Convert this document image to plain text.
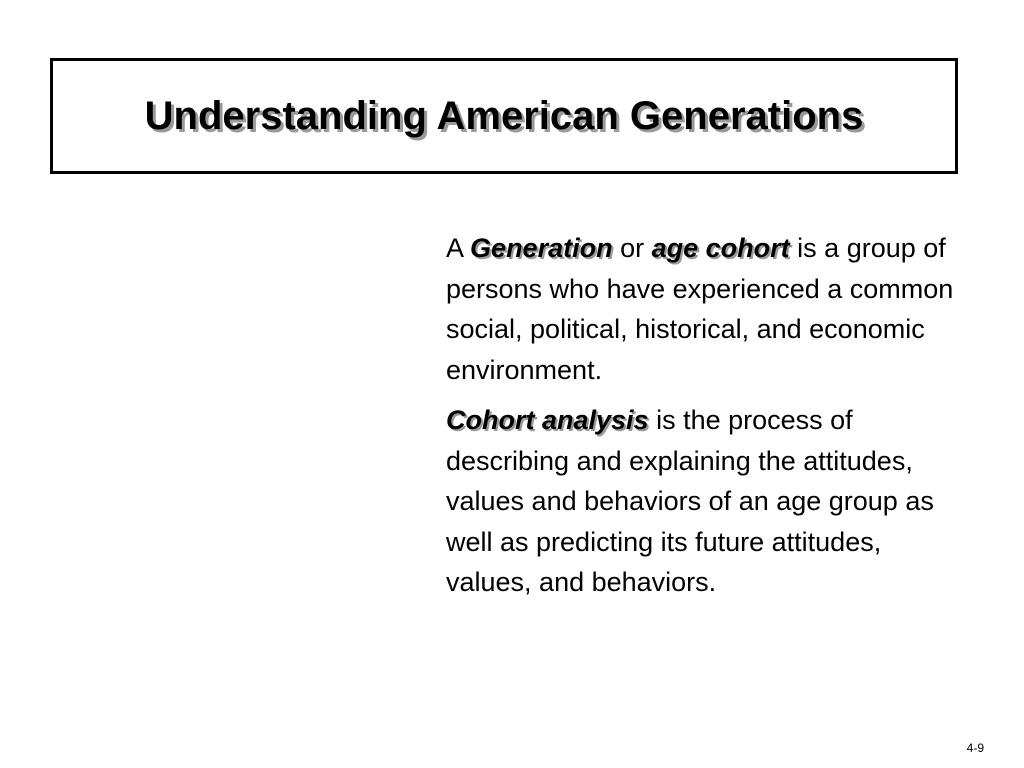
Understanding American Generations

A Generation or age cohort is a group of persons who have experienced a common social, political, historical, and economic environment.

Cohort analysis is the process of describing and explaining the attitudes, values and behaviors of an age group as well as predicting its future attitudes, values, and behaviors.

4-9
